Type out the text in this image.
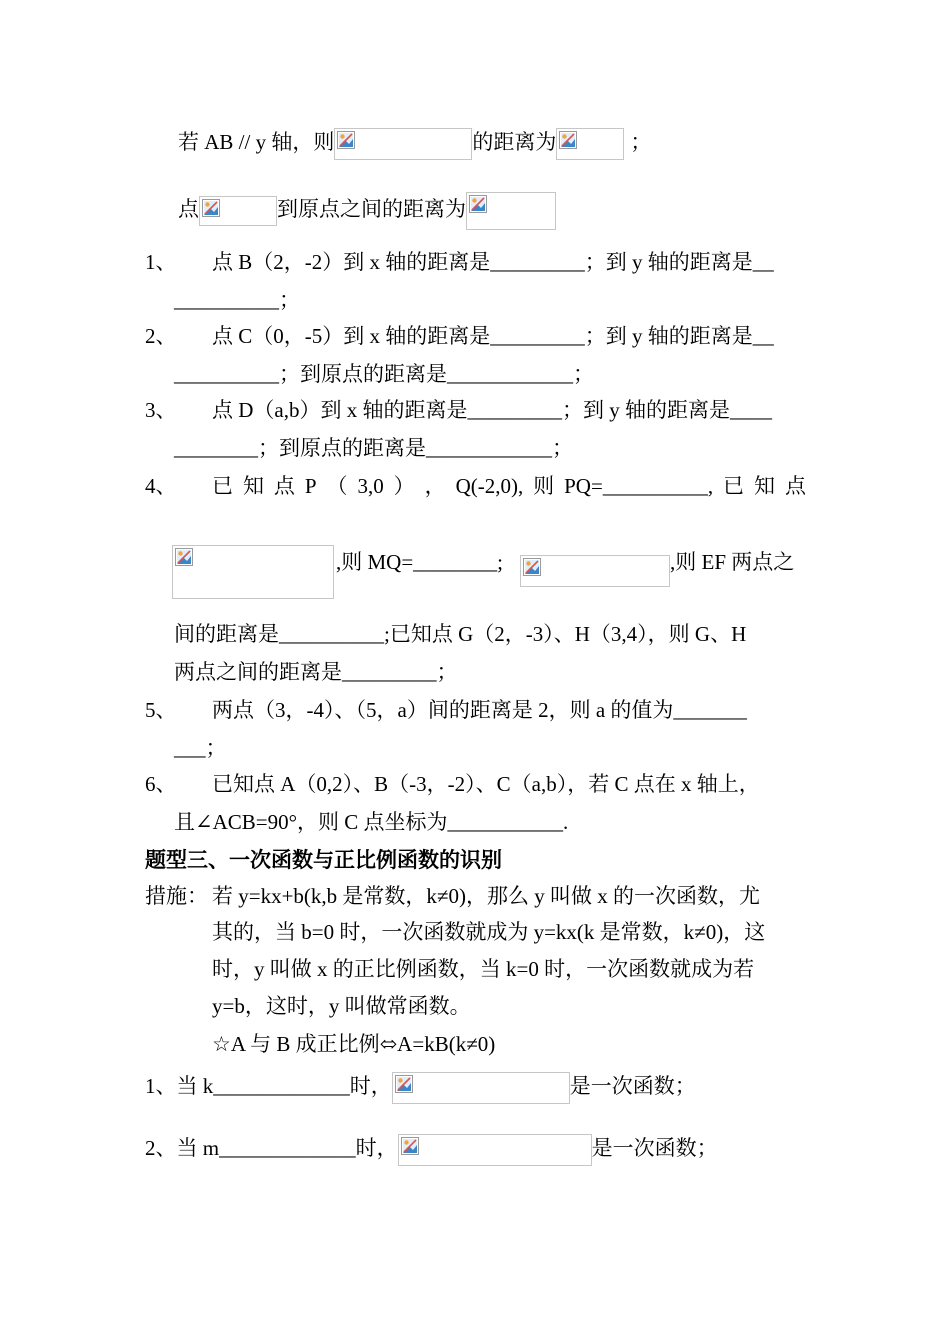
若 AB // y 轴，则	的距离为	；
点	到原点之间的距离为
1、 点 B（2，-2）到 x 轴的距离是_________；到 y 轴的距离是__
__________；
2、 点 C（0，-5）到 x 轴的距离是_________；到 y 轴的距离是__
__________；到原点的距离是____________；
3、 点 D（a,b）到 x 轴的距离是_________；到 y 轴的距离是____
________；到原点的距离是____________；
4、 已 知 点 P （ 3,0 ） ， Q(-2,0), 则 PQ=__________, 已 知 点
,则 MQ=________;	,则 EF 两点之
间的距离是__________;已知点 G（2，-3）、H（3,4），则 G、H
两点之间的距离是_________；
5、 两点（3，-4）、（5，a）间的距离是 2，则 a 的值为_______
___；
6、 已知点 A（0,2）、B（-3，-2）、C（a,b），若 C 点在 x 轴上，
且∠ACB=90°，则 C 点坐标为___________.
题型三、一次函数与正比例函数的识别
措施： 若 y=kx+b(k,b 是常数，k≠0)，那么 y 叫做 x 的一次函数，尤
其的，当 b=0 时，一次函数就成为 y=kx(k 是常数，k≠0)，这
时，y 叫做 x 的正比例函数，当 k=0 时，一次函数就成为若
y=b，这时，y 叫做常函数。
☆A 与 B 成正比例⬄A=kB(k≠0)
1、当 k_____________时，	是一次函数；
2、当 m_____________时，	是一次函数；
